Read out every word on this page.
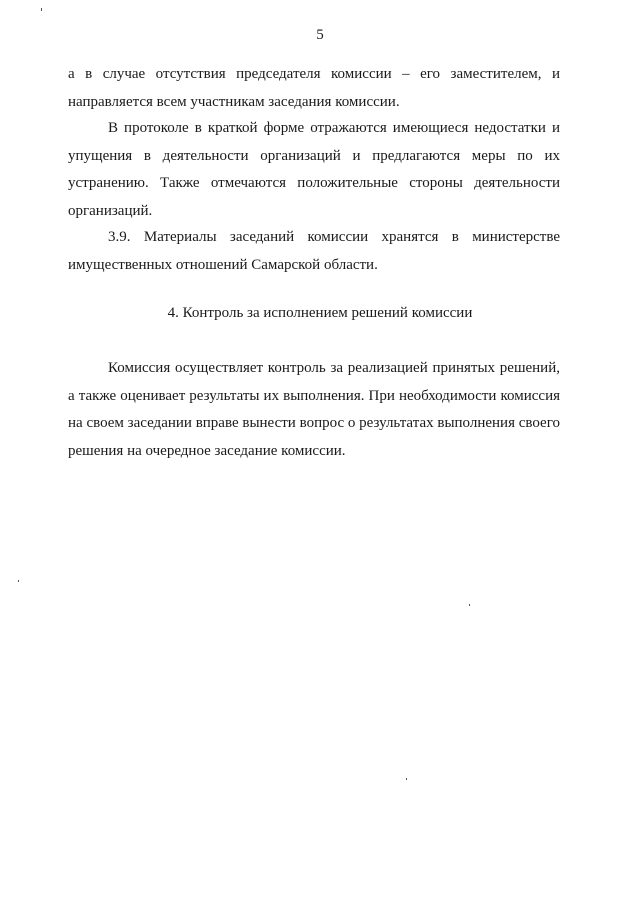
5

а в случае отсутствия председателя комиссии – его заместителем, и направляется всем участникам заседания комиссии.

В протоколе в краткой форме отражаются имеющиеся недостатки и упущения в деятельности организаций и предлагаются меры по их устранению. Также отмечаются положительные стороны деятельности организаций.

3.9. Материалы заседаний комиссии хранятся в министерстве имущественных отношений Самарской области.

4. Контроль за исполнением решений комиссии

Комиссия осуществляет контроль за реализацией принятых решений, а также оценивает результаты их выполнения. При необходимости комиссия на своем заседании вправе вынести вопрос о результатах выполнения своего решения на очередное заседание комиссии.
